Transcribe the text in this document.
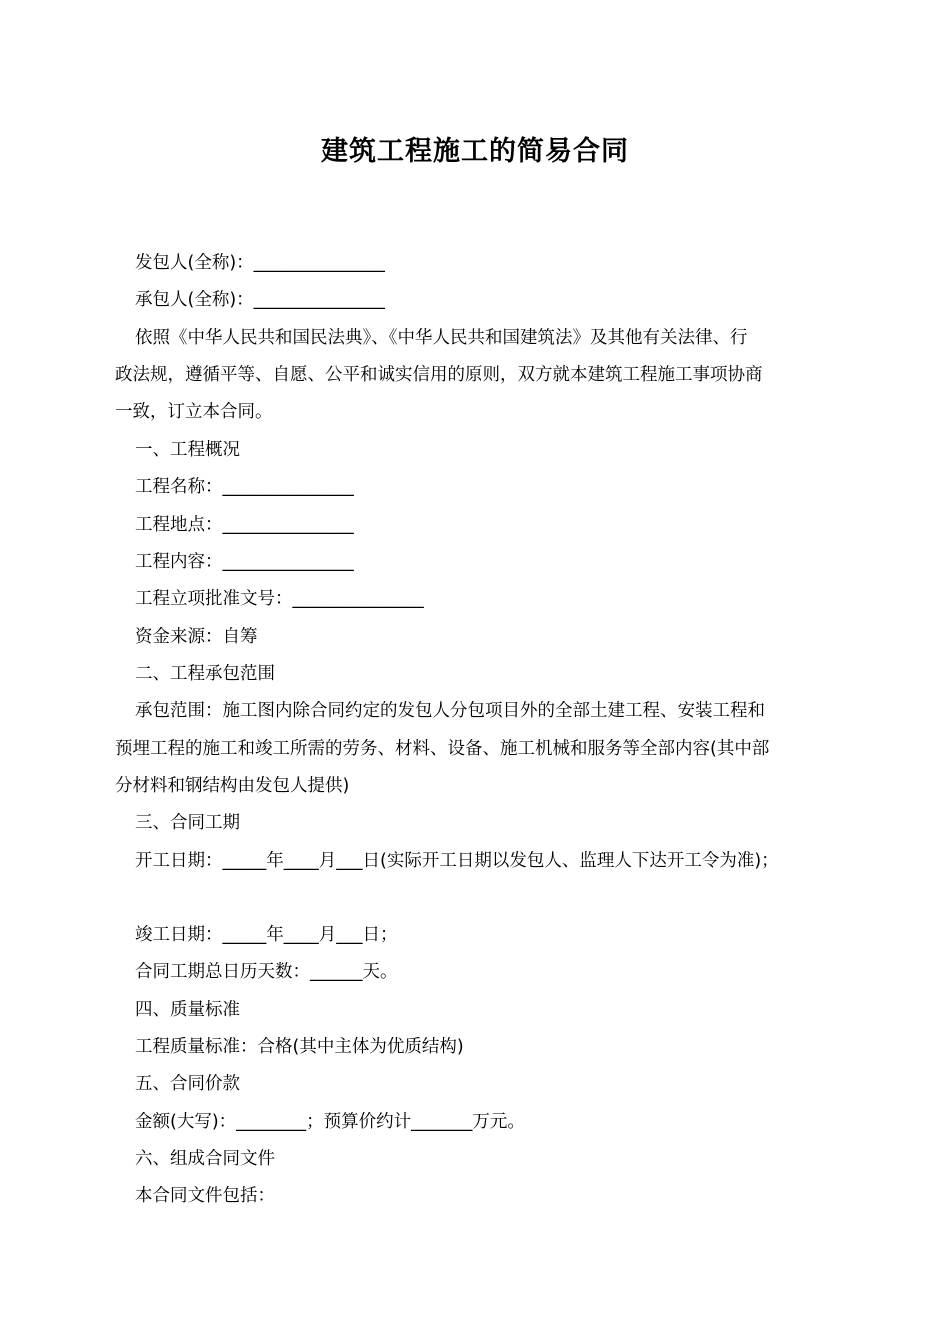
建筑工程施工的简易合同
发包人(全称)：_______________
承包人(全称)：_______________
依照《中华人民共和国民法典》、《中华人民共和国建筑法》及其他有关法律、行
政法规，遵循平等、自愿、公平和诚实信用的原则，双方就本建筑工程施工事项协商
一致，订立本合同。
一、工程概况
工程名称：_______________
工程地点：_______________
工程内容：_______________
工程立项批准文号：_______________
资金来源：自筹
二、工程承包范围
承包范围：施工图内除合同约定的发包人分包项目外的全部土建工程、安装工程和
预埋工程的施工和竣工所需的劳务、材料、设备、施工机械和服务等全部内容(其中部
分材料和钢结构由发包人提供)
三、合同工期
开工日期：_____年____月___日(实际开工日期以发包人、监理人下达开工令为准)；
竣工日期：_____年____月___日；
合同工期总日历天数：______天。
四、质量标准
工程质量标准：合格(其中主体为优质结构)
五、合同价款
金额(大写)：________；预算价约计_______万元。
六、组成合同文件
本合同文件包括：
